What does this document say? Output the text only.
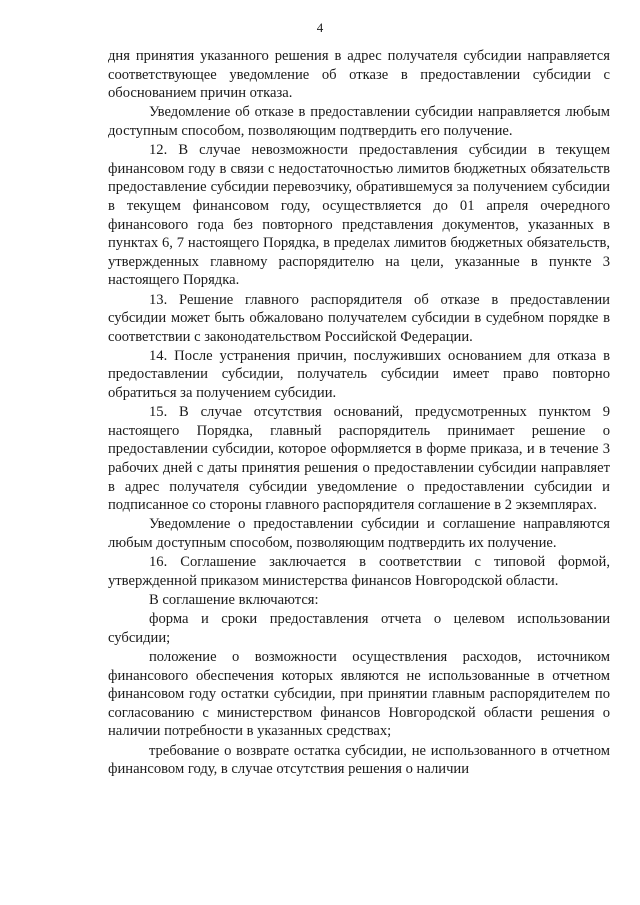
4

дня принятия указанного решения в адрес получателя субсидии направляется соответствующее уведомление об отказе в предоставлении субсидии с обоснованием причин отказа.

Уведомление об отказе в предоставлении субсидии направляется любым доступным способом, позволяющим подтвердить его получение.

12. В случае невозможности предоставления субсидии в текущем финансовом году в связи с недостаточностью лимитов бюджетных обязательств предоставление субсидии перевозчику, обратившемуся за получением субсидии в текущем финансовом году, осуществляется до 01 апреля очередного финансового года без повторного представления документов, указанных в пунктах 6, 7 настоящего Порядка, в пределах лимитов бюджетных обязательств, утвержденных главному распорядителю на цели, указанные в пункте 3 настоящего Порядка.

13. Решение главного распорядителя об отказе в предоставлении субсидии может быть обжаловано получателем субсидии в судебном порядке в соответствии с законодательством Российской Федерации.

14. После устранения причин, послуживших основанием для отказа в предоставлении субсидии, получатель субсидии имеет право повторно обратиться за получением субсидии.

15. В случае отсутствия оснований, предусмотренных пунктом 9 настоящего Порядка, главный распорядитель принимает решение о предоставлении субсидии, которое оформляется в форме приказа, и в течение 3 рабочих дней с даты принятия решения о предоставлении субсидии направляет в адрес получателя субсидии уведомление о предоставлении субсидии и подписанное со стороны главного распорядителя соглашение в 2 экземплярах.

Уведомление о предоставлении субсидии и соглашение направляются любым доступным способом, позволяющим подтвердить их получение.

16. Соглашение заключается в соответствии с типовой формой, утвержденной приказом министерства финансов Новгородской области.

В соглашение включаются:

форма и сроки предоставления отчета о целевом использовании субсидии;

положение о возможности осуществления расходов, источником финансового обеспечения которых являются не использованные в отчетном финансовом году остатки субсидии, при принятии главным распорядителем по согласованию с министерством финансов Новгородской области решения о наличии потребности в указанных средствах;

требование о возврате остатка субсидии, не использованного в отчетном финансовом году, в случае отсутствия решения о наличии
